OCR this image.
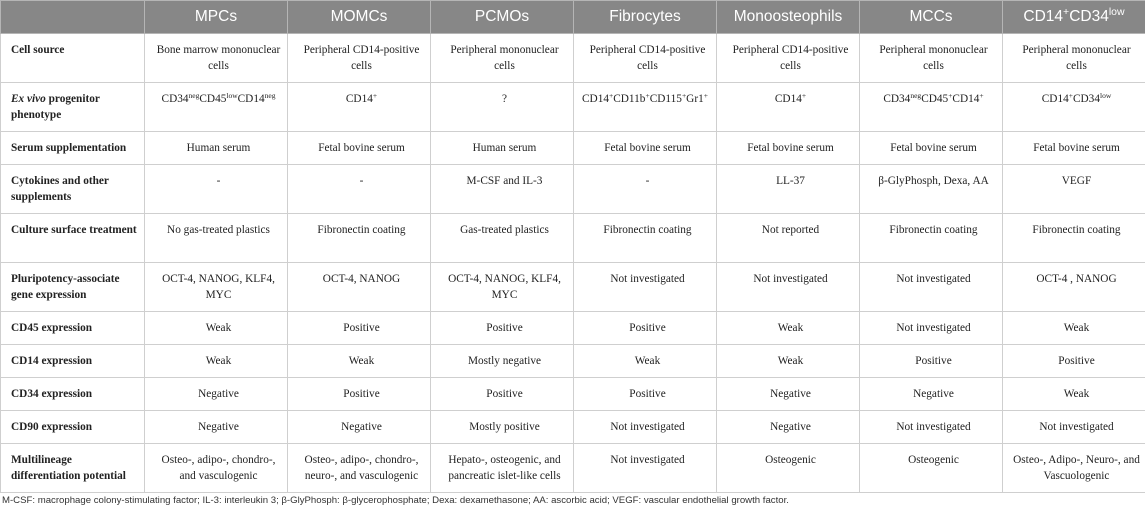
	MPCs	MOMCs	PCMOs	Fibrocytes	Monoosteophils	MCCs	$CD14^+CD34^{low}$
Cell source	Bone marrow mononuclear cells	Peripheral CD14-positive cells	Peripheral mononuclear cells	Peripheral CD14-positive cells	Peripheral CD14-positive cells	Peripheral mononuclear cells	Peripheral mononuclear cells
Ex vivo progenitor phenotype	$CD34^{neg}CD45^{low}CD14^{neg}$	CD14+	?	CD14+CD11b+CD115+Gr1+	CD14+	$CD34^{neg}CD45^+CD14^+$	$CD14^+CD34^{low}$
Serum supplementation	Human serum	Fetal bovine serum	Human serum	Fetal bovine serum	Fetal bovine serum	Fetal bovine serum	Fetal bovine serum
Cytokines and other supplements	-	-	M-CSF and IL-3	-	LL-37	β-GlyPhosph, Dexa, AA	VEGF
Culture surface treatment	No gas-treated plastics	Fibronectin coating	Gas-treated plastics	Fibronectin coating	Not reported	Fibronectin coating	Fibronectin coating
Pluripotency-associate gene expression	OCT-4, NANOG, KLF4, MYC	OCT-4, NANOG	OCT-4, NANOG, KLF4, MYC	Not investigated	Not investigated	Not investigated	OCT-4 , NANOG
CD45 expression	Weak	Positive	Positive	Positive	Weak	Not investigated	Weak
CD14 expression	Weak	Weak	Mostly negative	Weak	Weak	Positive	Positive
CD34 expression	Negative	Positive	Positive	Positive	Negative	Negative	Weak
CD90 expression	Negative	Negative	Mostly positive	Not investigated	Negative	Not investigated	Not investigated
Multilineage differentiation potential	Osteo-, adipo-, chondro-, and vasculogenic	Osteo-, adipo-, chondro-, neuro-, and vasculogenic	Hepato-, osteogenic, and pancreatic islet-like cells	Not investigated	Osteogenic	Osteogenic	Osteo-, Adipo-, Neuro-, and Vascuologenic
M-CSF: macrophage colony-stimulating factor; IL-3: interleukin 3; β-GlyPhosph: β-glycerophosphate; Dexa: dexamethasone; AA: ascorbic acid; VEGF: vascular endothelial growth factor.
